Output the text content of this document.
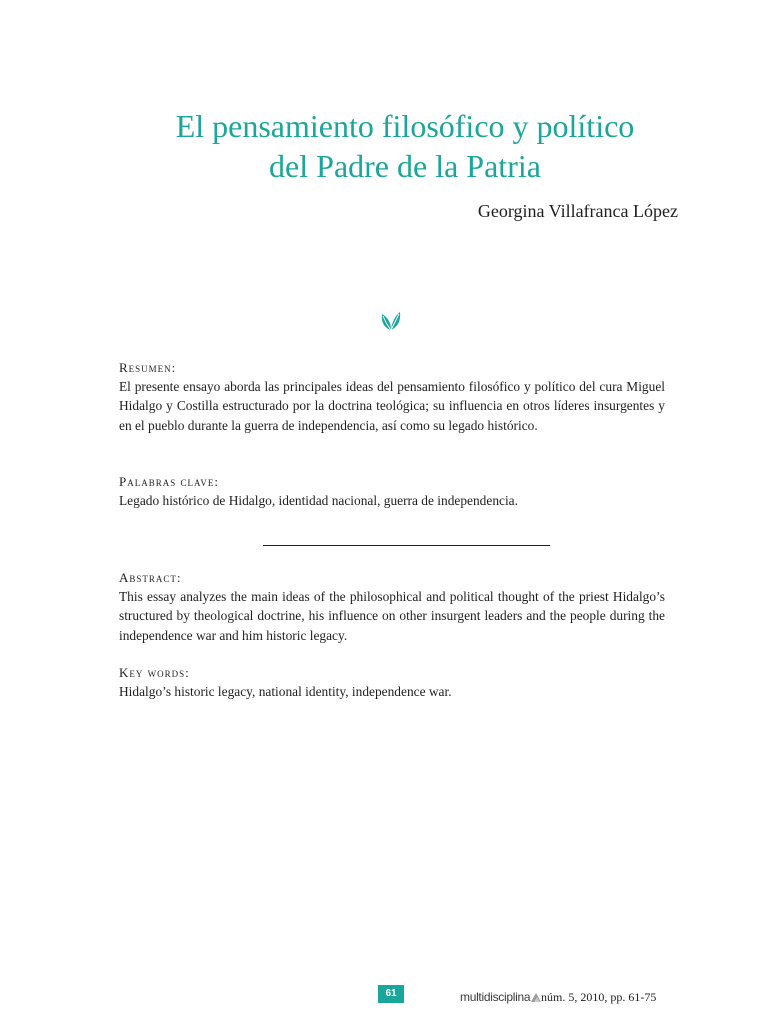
El pensamiento filosófico y político
del Padre de la Patria
Georgina Villafranca López

Resumen:

El presente ensayo aborda las principales ideas del pensamiento filosófico y político del cura Miguel Hidalgo y Costilla estructurado por la doctrina teológica; su influencia en otros líderes insurgentes y en el pueblo durante la guerra de independencia, así como su legado histórico.

Palabras clave:

Legado histórico de Hidalgo, identidad nacional, guerra de independencia.

Abstract:

This essay analyzes the main ideas of the philosophical and political thought of the priest Hidalgo’s structured by theological doctrine, his influence on other insurgent leaders and the people during the independence war and him historic legacy.

Key words:

Hidalgo’s historic legacy, national identity, independence war.

61	multidisciplina núm. 5, 2010, pp. 61-75
